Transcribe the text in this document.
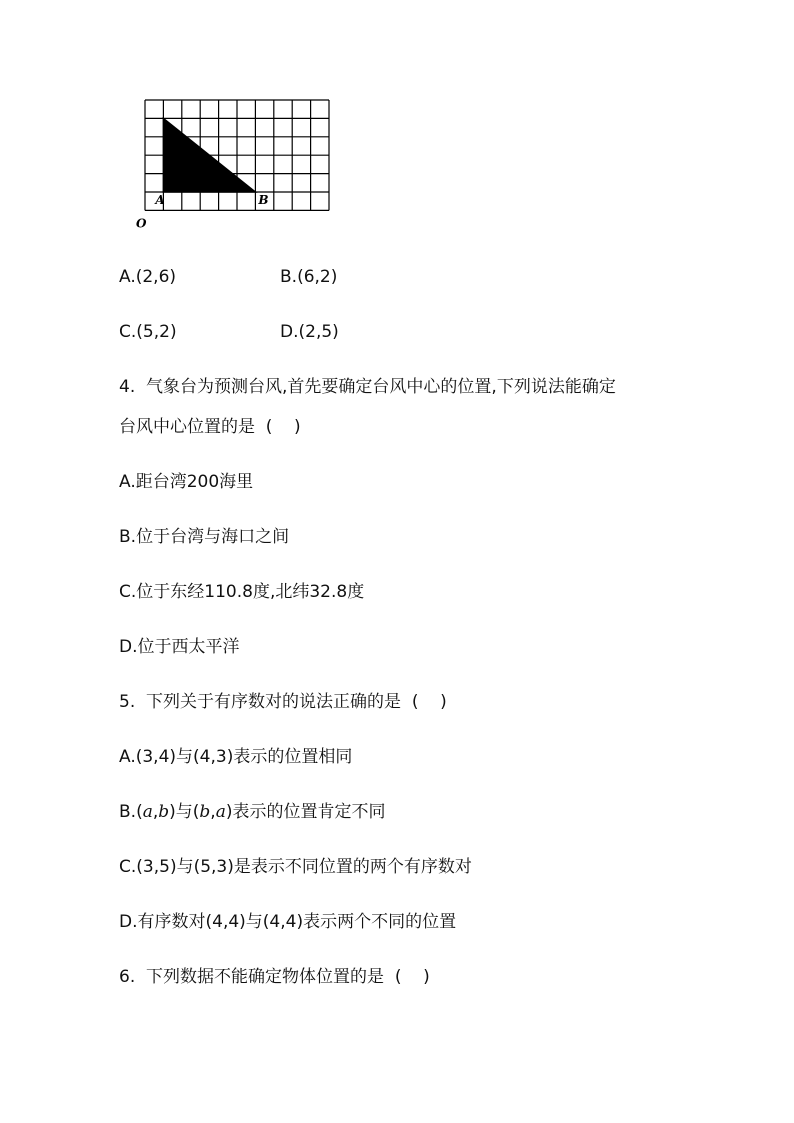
A	B
O

A.(2,6)	B.(6,2)

C.(5,2)	D.(2,5)

4.  气象台为预测台风,首先要确定台风中心的位置,下列说法能确定

台风中心位置的是  (    )

A.距台湾200海里

B.位于台湾与海口之间

C.位于东经110.8度,北纬32.8度

D.位于西太平洋

5.  下列关于有序数对的说法正确的是  (    )

A.(3,4)与(4,3)表示的位置相同

B.(a,b)与(b,a)表示的位置肯定不同

C.(3,5)与(5,3)是表示不同位置的两个有序数对

D.有序数对(4,4)与(4,4)表示两个不同的位置

6.  下列数据不能确定物体位置的是  (    )
